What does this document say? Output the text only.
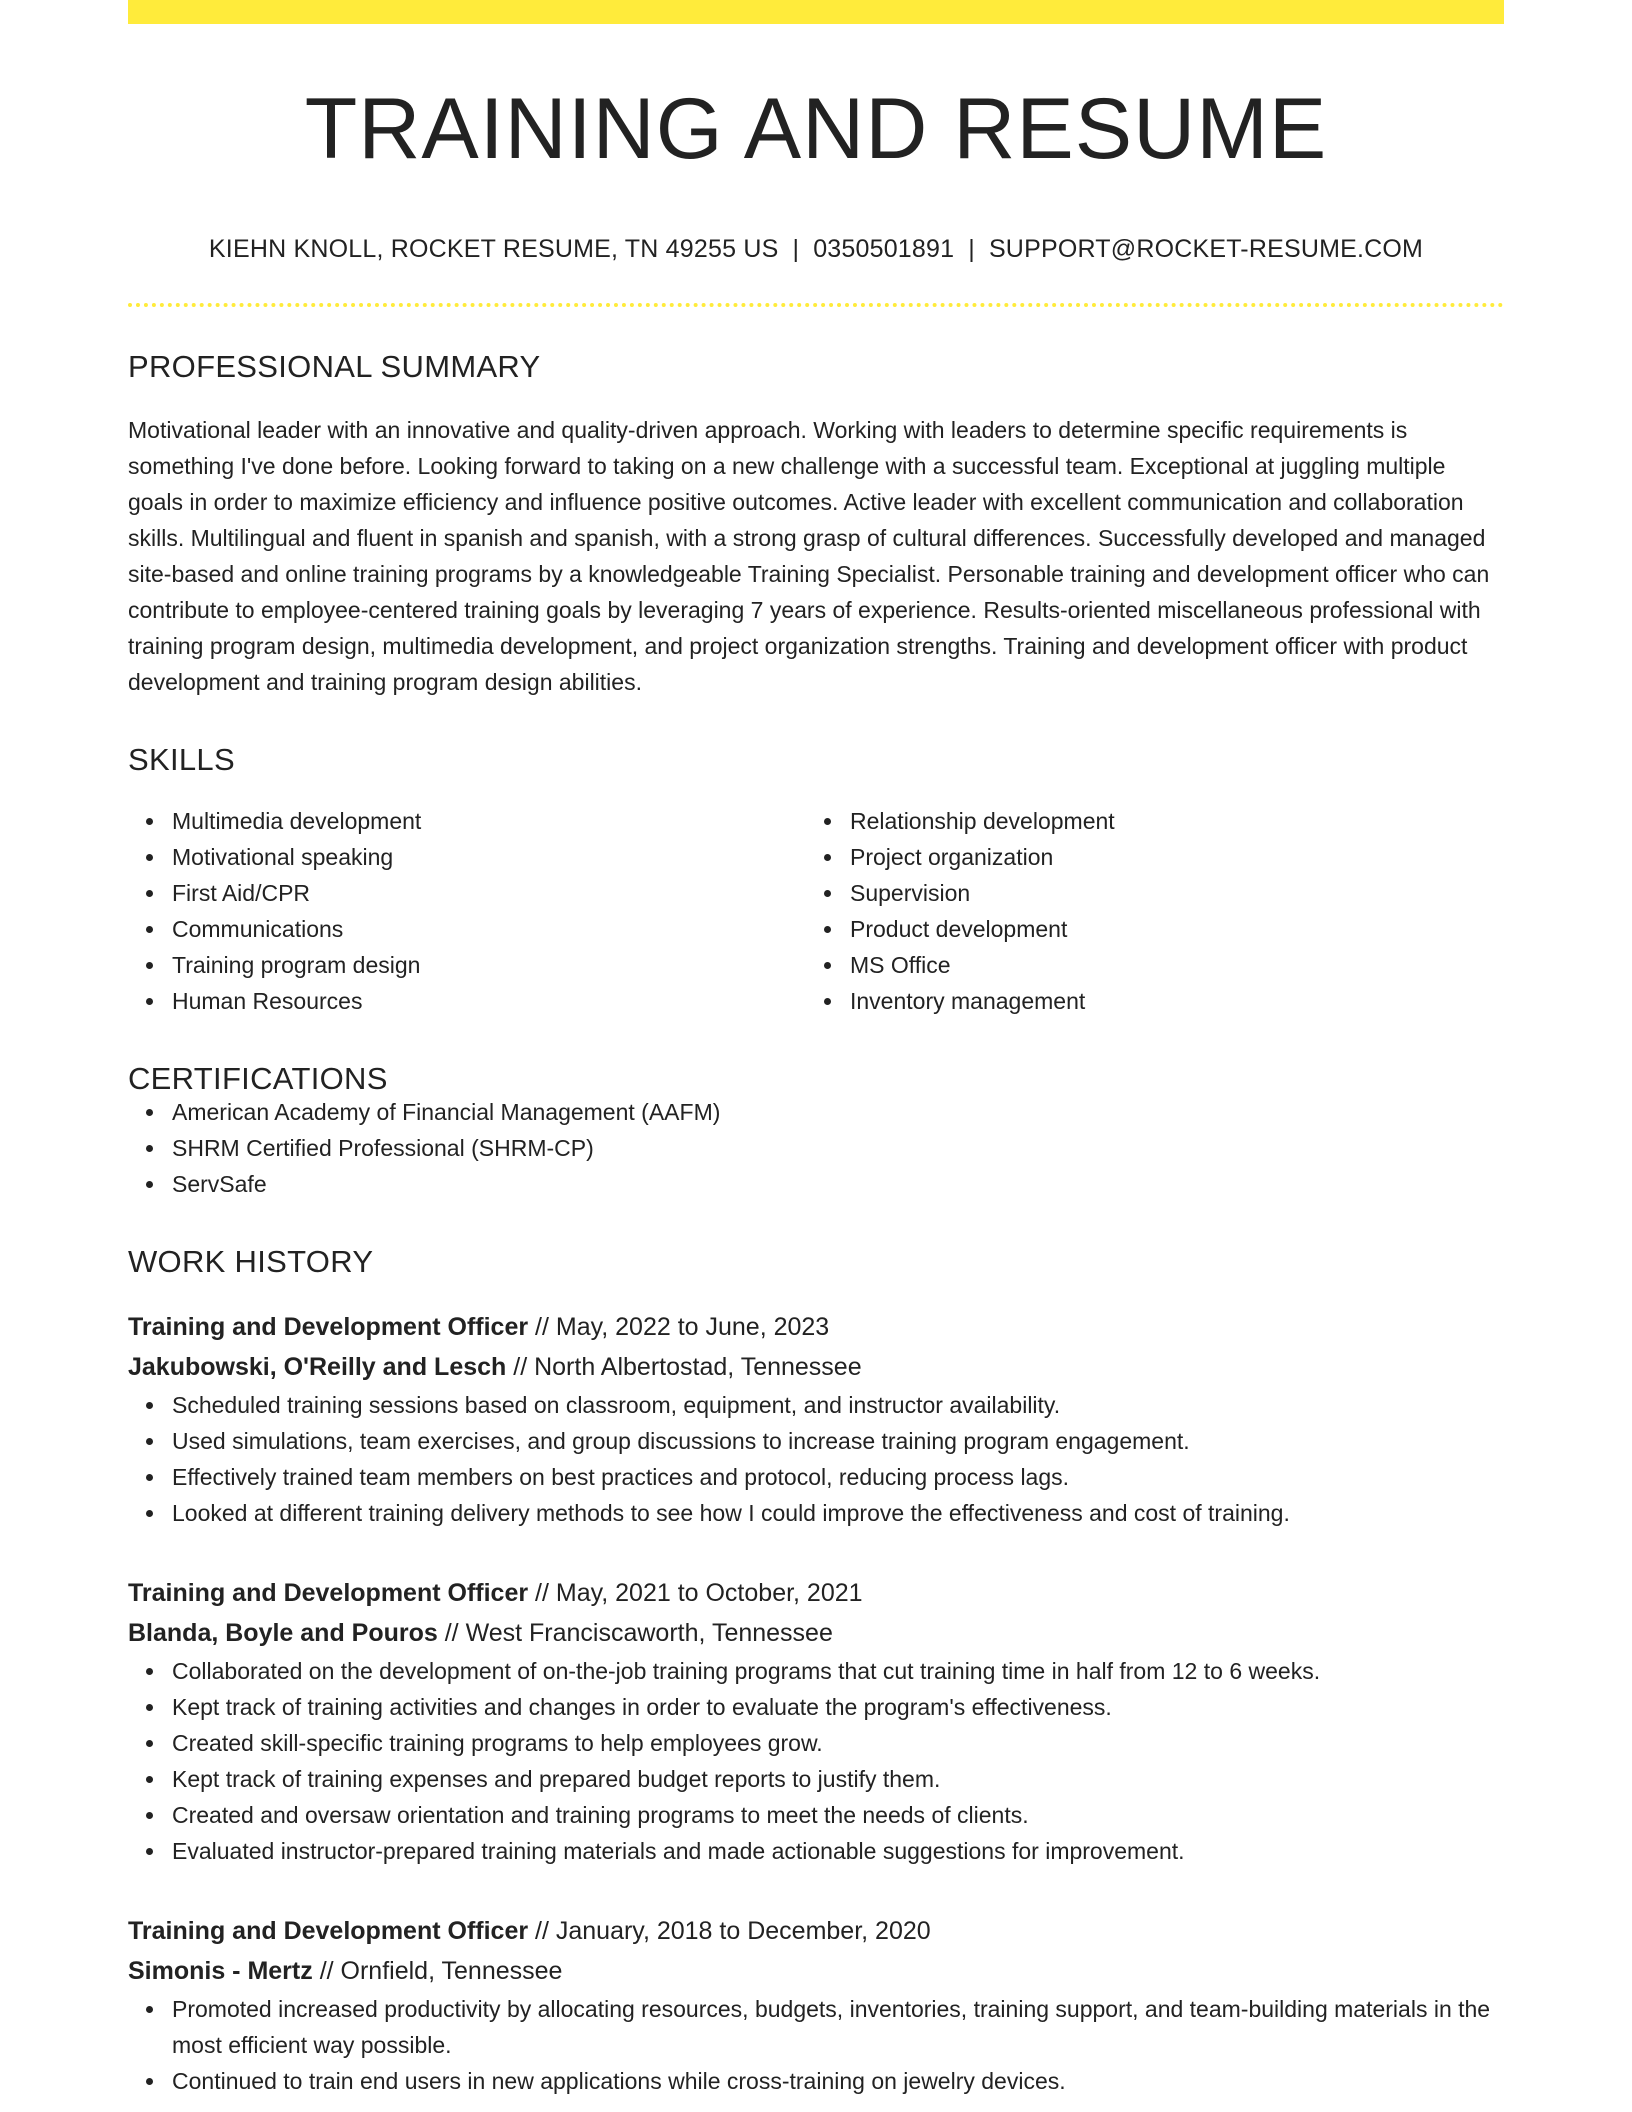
TRAINING AND RESUME
KIEHN KNOLL, ROCKET RESUME, TN 49255 US | 0350501891 | SUPPORT@ROCKET-RESUME.COM
PROFESSIONAL SUMMARY

Motivational leader with an innovative and quality-driven approach. Working with leaders to determine specific requirements is something I've done before. Looking forward to taking on a new challenge with a successful team. Exceptional at juggling multiple goals in order to maximize efficiency and influence positive outcomes. Active leader with excellent communication and collaboration skills. Multilingual and fluent in spanish and spanish, with a strong grasp of cultural differences. Successfully developed and managed site-based and online training programs by a knowledgeable Training Specialist. Personable training and development officer who can contribute to employee-centered training goals by leveraging 7 years of experience. Results-oriented miscellaneous professional with training program design, multimedia development, and project organization strengths. Training and development officer with product development and training program design abilities.

SKILLS
Multimedia development
Motivational speaking
First Aid/CPR
Communications
Training program design
Human Resources
Relationship development
Project organization
Supervision
Product development
MS Office
Inventory management
CERTIFICATIONS
American Academy of Financial Management (AAFM)
SHRM Certified Professional (SHRM-CP)
ServSafe
WORK HISTORY
Training and Development Officer // May, 2022 to June, 2023
Jakubowski, O'Reilly and Lesch // North Albertostad, Tennessee
Scheduled training sessions based on classroom, equipment, and instructor availability.
Used simulations, team exercises, and group discussions to increase training program engagement.
Effectively trained team members on best practices and protocol, reducing process lags.
Looked at different training delivery methods to see how I could improve the effectiveness and cost of training.
Training and Development Officer // May, 2021 to October, 2021
Blanda, Boyle and Pouros // West Franciscaworth, Tennessee
Collaborated on the development of on-the-job training programs that cut training time in half from 12 to 6 weeks.
Kept track of training activities and changes in order to evaluate the program's effectiveness.
Created skill-specific training programs to help employees grow.
Kept track of training expenses and prepared budget reports to justify them.
Created and oversaw orientation and training programs to meet the needs of clients.
Evaluated instructor-prepared training materials and made actionable suggestions for improvement.
Training and Development Officer // January, 2018 to December, 2020
Simonis - Mertz // Ornfield, Tennessee
Promoted increased productivity by allocating resources, budgets, inventories, training support, and team-building materials in the most efficient way possible.
Continued to train end users in new applications while cross-training on jewelry devices.
